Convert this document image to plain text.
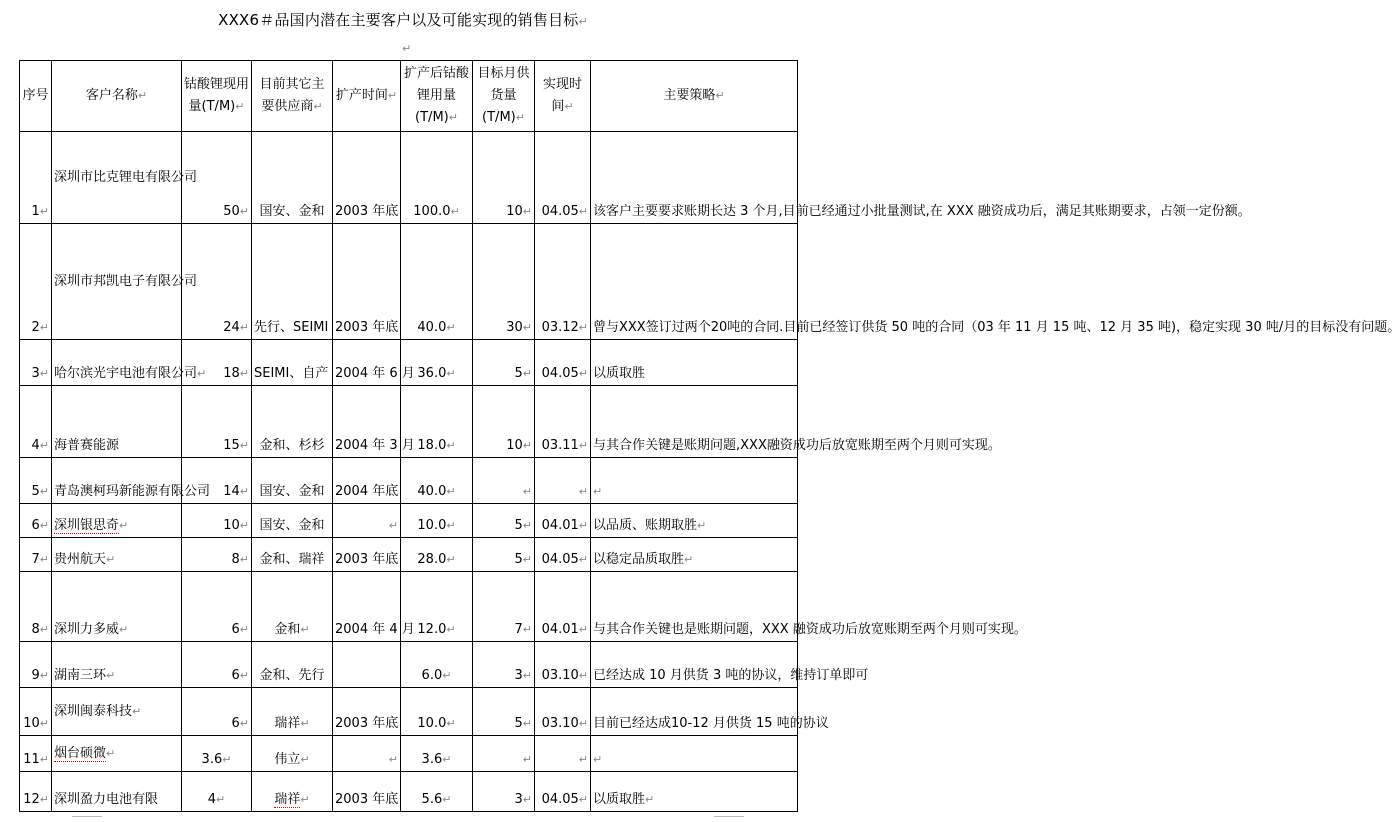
XXX6＃品国内潜在主要客户以及可能实现的销售目标↵
↵
序号	客户名称↵	钴酸锂现用量(T/M)↵	目前其它主要供应商↵	扩产时间↵	扩产后钴酸锂用量(T/M)↵	目标月供货量(T/M)↵	实现时间↵	主要策略↵
1↵	深圳市比克锂电有限公司	50↵	国安、金和	2003 年底	100.0↵	10↵	04.05↵	该客户主要要求账期长达 3 个月,目前已经通过小批量测试,在 XXX 融资成功后，满足其账期要求，占领一定份额。
2↵	深圳市邦凯电子有限公司	24↵	先行、SEIMI	2003 年底	40.0↵	30↵	03.12↵	曾与XXX签订过两个20吨的合同.目前已经签订供货 50 吨的合同（03 年 11 月 15 吨、12 月 35 吨)，稳定实现 30 吨/月的目标没有问题。
3↵	哈尔滨光宇电池有限公司↵	18↵	SEIMI、自产	2004 年 6 月	36.0↵	5↵	04.05↵	以质取胜
4↵	海普赛能源	15↵	金和、杉杉	2004 年 3 月	18.0↵	10↵	03.11↵	与其合作关键是账期问题,XXX融资成功后放宽账期至两个月则可实现。
5↵	青岛澳柯玛新能源有限公司	14↵	国安、金和	2004 年底	40.0↵	↵	↵	↵
6↵	深圳银思奇↵	10↵	国安、金和	↵	10.0↵	5↵	04.01↵	以品质、账期取胜↵
7↵	贵州航天↵	8↵	金和、瑞祥	2003 年底	28.0↵	5↵	04.05↵	以稳定品质取胜↵
8↵	深圳力多威↵	6↵	金和↵	2004 年 4 月	12.0↵	7↵	04.01↵	与其合作关键也是账期问题，XXX 融资成功后放宽账期至两个月则可实现。
9↵	湖南三环↵	6↵	金和、先行		6.0↵	3↵	03.10↵	已经达成 10 月供货 3 吨的协议，维持订单即可
10↵	深圳闽泰科技↵	6↵	瑞祥↵	2003 年底	10.0↵	5↵	03.10↵	目前已经达成10-12 月供货 15 吨的协议
11↵	烟台硕微↵	3.6↵	伟立↵	↵	3.6↵	↵	↵	↵
12↵	深圳盈力电池有限	4↵	瑞祥↵	2003 年底	5.6↵	3↵	04.05↵	以质取胜↵
